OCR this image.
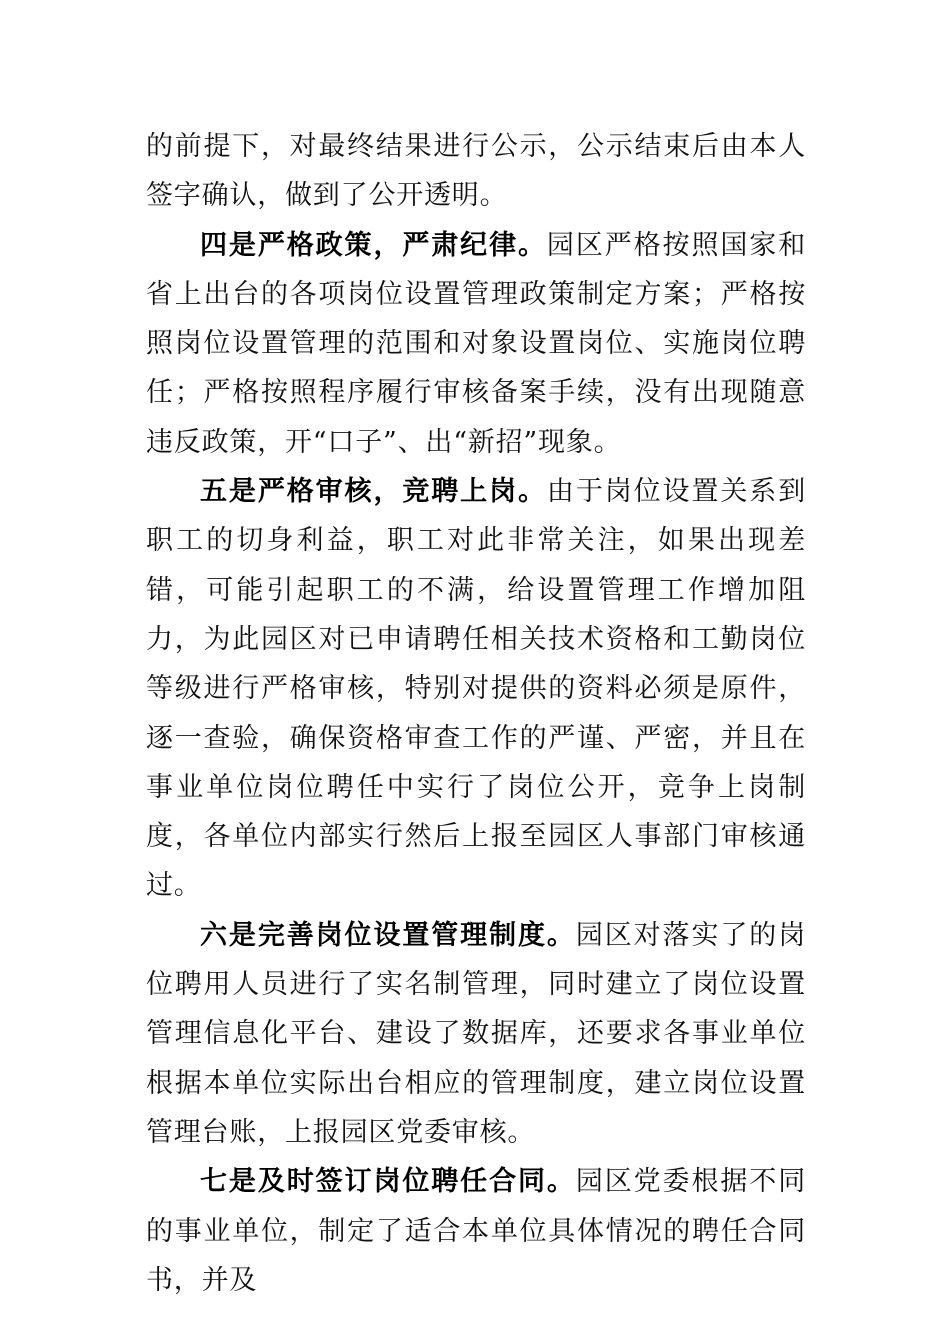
的前提下，对最终结果进行公示，公示结束后由本人签字确认，做到了公开透明。

四是严格政策，严肃纪律。园区严格按照国家和省上出台的各项岗位设置管理政策制定方案；严格按照岗位设置管理的范围和对象设置岗位、实施岗位聘任；严格按照程序履行审核备案手续，没有出现随意违反政策，开“口子”、出“新招”现象。

五是严格审核，竞聘上岗。由于岗位设置关系到职工的切身利益，职工对此非常关注，如果出现差错，可能引起职工的不满，给设置管理工作增加阻力，为此园区对已申请聘任相关技术资格和工勤岗位等级进行严格审核，特别对提供的资料必须是原件，逐一查验，确保资格审查工作的严谨、严密，并且在事业单位岗位聘任中实行了岗位公开，竞争上岗制度，各单位内部实行然后上报至园区人事部门审核通过。

六是完善岗位设置管理制度。园区对落实了的岗位聘用人员进行了实名制管理，同时建立了岗位设置管理信息化平台、建设了数据库，还要求各事业单位根据本单位实际出台相应的管理制度，建立岗位设置管理台账，上报园区党委审核。

七是及时签订岗位聘任合同。园区党委根据不同的事业单位，制定了适合本单位具体情况的聘任合同书，并及
